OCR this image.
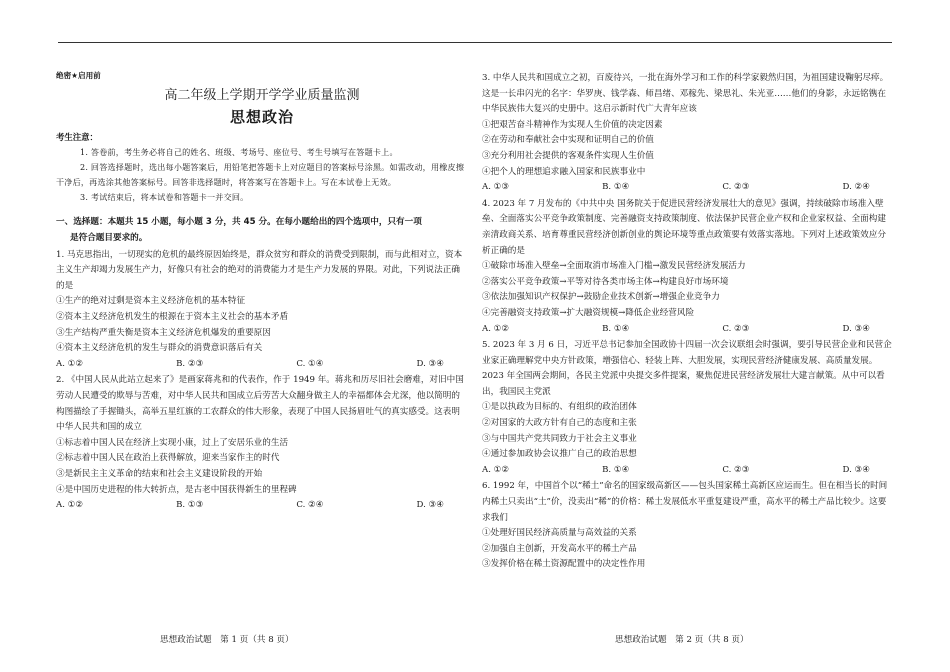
绝密★启用前
高二年级上学期开学学业质量监测
思想政治
考生注意：
1. 答卷前，考生务必将自己的姓名、班级、考场号、座位号、考生号填写在答题卡上。
2. 回答选择题时，选出每小题答案后，用铅笔把答题卡上对应题目的答案标号涂黑。如需改动，用橡皮擦干净后，再选涂其他答案标号。回答非选择题时，将答案写在答题卡上。写在本试卷上无效。
3. 考试结束后，将本试卷和答题卡一并交回。
一、选择题：本题共 15 小题，每小题 3 分，共 45 分。在每小题给出的四个选项中，只有一项
是符合题目要求的。
1. 马克思指出，一切现实的危机的最终原因始终是，群众贫穷和群众的消费受到限制，而与此相对立，资本主义生产却竭力发展生产力，好像只有社会的绝对的消费能力才是生产力发展的界限。对此，下列说法正确的是
①生产的绝对过剩是资本主义经济危机的基本特征
②资本主义经济危机发生的根源在于资本主义社会的基本矛盾
③生产结构严重失衡是资本主义经济危机爆发的重要原因
④资本主义经济危机的发生与群众的消费意识落后有关
A. ①②	B. ②③	C. ①④	D. ③④
2. 《中国人民从此站立起来了》是画家蒋兆和的代表作，作于 1949 年。蒋兆和历尽旧社会磨难，对旧中国劳动人民遭受的欺辱与苦难，对中华人民共和国成立后劳苦大众翻身做主人的幸福都体会尤深，他以简明的构图描绘了手握锄头，高举五星红旗的工农群众的伟大形象，表现了中国人民扬眉吐气的真实感受。这表明中华人民共和国的成立
①标志着中国人民在经济上实现小康，过上了安居乐业的生活
②标志着中国人民在政治上获得解放，迎来当家作主的时代
③是新民主主义革命的结束和社会主义建设阶段的开始
④是中国历史进程的伟大转折点，是古老中国获得新生的里程碑
A. ①②	B. ①③	C. ②④	D. ③④
3. 中华人民共和国成立之初，百废待兴，一批在海外学习和工作的科学家毅然归国，为祖国建设鞠躬尽瘁。这是一长串闪光的名字：华罗庚、钱学森、师昌绪、邓稼先、梁思礼、朱光亚……他们的身影，永远铭镌在中华民族伟大复兴的史册中。这启示新时代广大青年应该
①把艰苦奋斗精神作为实现人生价值的决定因素
②在劳动和奉献社会中实现和证明自己的价值
③充分利用社会提供的客观条件实现人生价值
④把个人的理想追求融入国家和民族事业中
A. ①③	B. ①④	C. ②③	D. ②④
4. 2023 年 7 月发布的《中共中央 国务院关于促进民营经济发展壮大的意见》强调，持续破除市场准入壁垒、全面落实公平竞争政策制度、完善融资支持政策制度、依法保护民营企业产权和企业家权益、全面构建亲清政商关系、培育尊重民营经济创新创业的舆论环境等重点政策要有效落实落地。下列对上述政策效应分析正确的是
①破除市场准入壁垒→全面取消市场准入门槛→激发民营经济发展活力
②落实公平竞争政策→平等对待各类市场主体→构建良好市场环境
③依法加强知识产权保护→鼓励企业技术创新→增强企业竞争力
④完善融资支持政策→扩大融资规模→降低企业经营风险
A. ①②	B. ①④	C. ②③	D. ③④
5. 2023 年 3 月 6 日，习近平总书记参加全国政协十四届一次会议联组会时强调，要引导民营企业和民营企业家正确理解党中央方针政策，增强信心、轻装上阵、大胆发展，实现民营经济健康发展、高质量发展。2023 年全国两会期间，各民主党派中央提交多件提案，聚焦促进民营经济发展壮大建言献策。从中可以看出，我国民主党派
①是以执政为目标的、有组织的政治团体
②对国家的大政方针有自己的态度和主张
③与中国共产党共同致力于社会主义事业
④通过参加政协会议推广自己的政治思想
A. ①②	B. ①④	C. ②③	D. ③④
6. 1992 年，中国首个以“稀土”命名的国家级高新区——包头国家稀土高新区应运而生。但在相当长的时间内稀土只卖出“土”价，没卖出“稀”的价格：稀土发展低水平重复建设严重，高水平的稀土产品比较少。这要求我们
①处理好国民经济高质量与高效益的关系
②加强自主创新，开发高水平的稀土产品
③发挥价格在稀土资源配置中的决定性作用
思想政治试题　第 1 页（共 8 页）	思想政治试题　第 2 页（共 8 页）
